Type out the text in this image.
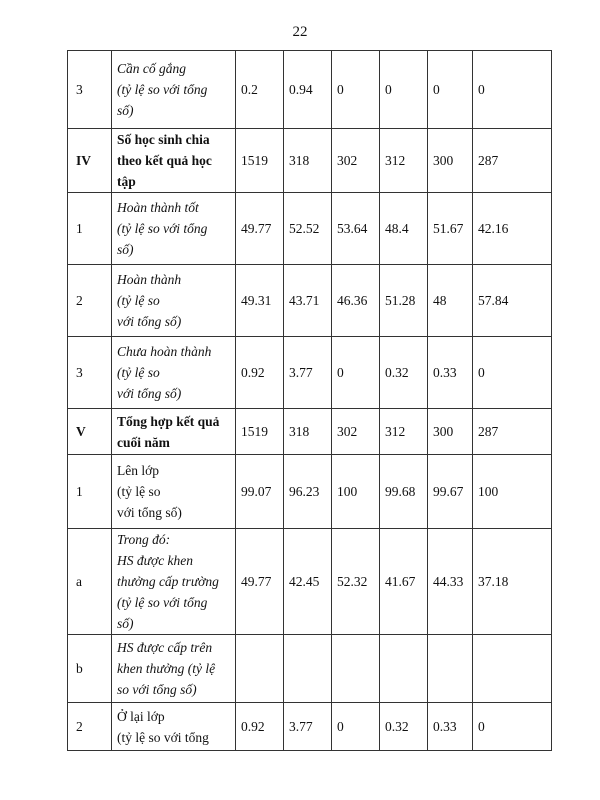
22
3	Cần cố gắng
(tỷ lệ so với tổng
số)	0.2	0.94	0	0	0	0
IV	Số học sinh chia
theo kết quả học
tập	1519	318	302	312	300	287
1	Hoàn thành tốt
(tỷ lệ so với tổng
số)	49.77	52.52	53.64	48.4	51.67	42.16
2	Hoàn thành
(tỷ lệ so
với tổng số)	49.31	43.71	46.36	51.28	48	57.84
3	Chưa hoàn thành
(tỷ lệ so
với tổng số)	0.92	3.77	0	0.32	0.33	0
V	Tổng hợp kết quả
cuối năm	1519	318	302	312	300	287
1	Lên lớp
(tỷ lệ so
với tổng số)	99.07	96.23	100	99.68	99.67	100
a	Trong đó:
HS được khen
thưởng cấp trường
(tỷ lệ so với tổng
số)	49.77	42.45	52.32	41.67	44.33	37.18
b	HS được cấp trên
khen thưởng (tỷ lệ
so với tổng số)						

2	Ở lại lớp
(tỷ lệ so với tổng	0.92	3.77	0	0.32	0.33	0
